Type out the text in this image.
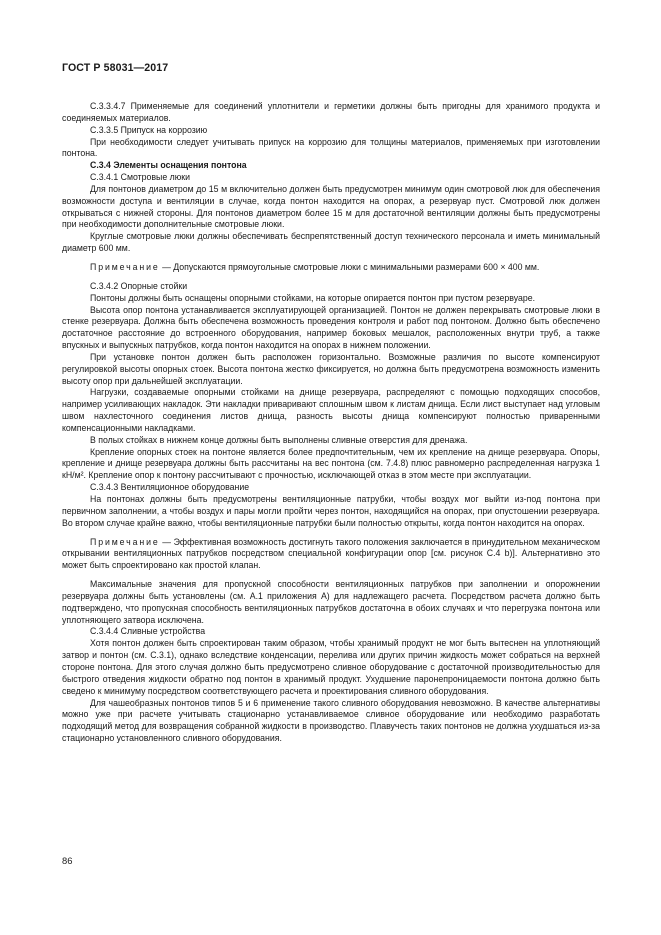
ГОСТ Р 58031—2017

С.3.3.4.7 Применяемые для соединений уплотнители и герметики должны быть пригодны для хранимого продукта и соединяемых материалов.

С.3.3.5 Припуск на коррозию

При необходимости следует учитывать припуск на коррозию для толщины материалов, применяемых при изготовлении понтона.

С.3.4 Элементы оснащения понтона

С.3.4.1 Смотровые люки

Для понтонов диаметром до 15 м включительно должен быть предусмотрен минимум один смотровой люк для обеспечения возможности доступа и вентиляции в случае, когда понтон находится на опорах, а резервуар пуст. Смотровой люк должен открываться с нижней стороны. Для понтонов диаметром более 15 м для достаточной вентиляции должны быть предусмотрены при необходимости дополнительные смотровые люки.

Круглые смотровые люки должны обеспечивать беспрепятственный доступ технического персонала и иметь минимальный диаметр 600 мм.

Примечание — Допускаются прямоугольные смотровые люки с минимальными размерами 600 × 400 мм.

С.3.4.2 Опорные стойки

Понтоны должны быть оснащены опорными стойками, на которые опирается понтон при пустом резервуаре.

Высота опор понтона устанавливается эксплуатирующей организацией. Понтон не должен перекрывать смотровые люки в стенке резервуара. Должна быть обеспечена возможность проведения контроля и работ под понтоном. Должно быть обеспечено достаточное расстояние до встроенного оборудования, например боковых мешалок, расположенных внутри труб, а также впускных и выпускных патрубков, когда понтон находится на опорах в нижнем положении.

При установке понтон должен быть расположен горизонтально. Возможные различия по высоте компенсируют регулировкой высоты опорных стоек. Высота понтона жестко фиксируется, но должна быть предусмотрена возможность изменить высоту опор при дальнейшей эксплуатации.

Нагрузки, создаваемые опорными стойками на днище резервуара, распределяют с помощью подходящих способов, например усиливающих накладок. Эти накладки приваривают сплошным швом к листам днища. Если лист выступает над угловым швом нахлесточного соединения листов днища, разность высоты днища компенсируют полностью приваренными компенсационными накладками.

В полых стойках в нижнем конце должны быть выполнены сливные отверстия для дренажа.

Крепление опорных стоек на понтоне является более предпочтительным, чем их крепление на днище резервуара. Опоры, крепление и днище резервуара должны быть рассчитаны на вес понтона (см. 7.4.8) плюс равномерно распределенная нагрузка 1 кН/м². Крепление опор к понтону рассчитывают с прочностью, исключающей отказ в этом месте при эксплуатации.

С.3.4.3 Вентиляционное оборудование

На понтонах должны быть предусмотрены вентиляционные патрубки, чтобы воздух мог выйти из-под понтона при первичном заполнении, а чтобы воздух и пары могли пройти через понтон, находящийся на опорах, при опустошении резервуара. Во втором случае крайне важно, чтобы вентиляционные патрубки были полностью открыты, когда понтон находится на опорах.

Примечание — Эффективная возможность достигнуть такого положения заключается в принудительном механическом открывании вентиляционных патрубков посредством специальной конфигурации опор [см. рисунок С.4 b)]. Альтернативно это может быть спроектировано как простой клапан.

Максимальные значения для пропускной способности вентиляционных патрубков при заполнении и опорожнении резервуара должны быть установлены (см. А.1 приложения А) для надлежащего расчета. Посредством расчета должно быть подтверждено, что пропускная способность вентиляционных патрубков достаточна в обоих случаях и что перегрузка понтона или уплотняющего затвора исключена.

С.3.4.4 Сливные устройства

Хотя понтон должен быть спроектирован таким образом, чтобы хранимый продукт не мог быть вытеснен на уплотняющий затвор и понтон (см. С.3.1), однако вследствие конденсации, перелива или других причин жидкость может собраться на верхней стороне понтона. Для этого случая должно быть предусмотрено сливное оборудование с достаточной производительностью для быстрого отведения жидкости обратно под понтон в хранимый продукт. Ухудшение паронепроницаемости понтона должно быть сведено к минимуму посредством соответствующего расчета и проектирования сливного оборудования.

Для чашеобразных понтонов типов 5 и 6 применение такого сливного оборудования невозможно. В качестве альтернативы можно уже при расчете учитывать стационарно устанавливаемое сливное оборудование или необходимо разработать подходящий метод для возвращения собранной жидкости в производство. Плавучесть таких понтонов не должна ухудшаться из-за стационарно установленного сливного оборудования.

86
